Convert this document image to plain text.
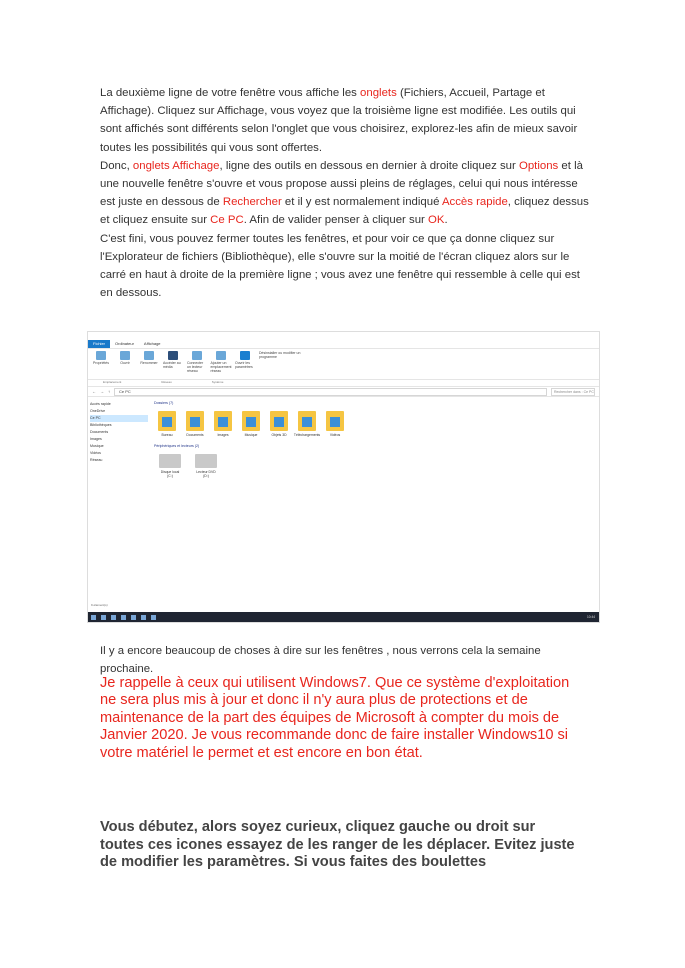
La deuxième ligne de votre fenêtre vous affiche les onglets (Fichiers, Accueil, Partage et Affichage). Cliquez sur Affichage, vous voyez que la troisième ligne est modifiée. Les outils qui sont affichés sont différents selon l'onglet que vous choisirez, explorez-les afin de mieux savoir toutes les possibilités qui vous sont offertes.
Donc, onglets Affichage, ligne des outils en dessous en dernier à droite cliquez sur Options et là une nouvelle fenêtre s'ouvre et vous propose aussi pleins de réglages, celui qui nous intéresse est juste en dessous de Rechercher et il y est normalement indiqué Accès rapide, cliquez dessus et cliquez ensuite sur Ce PC. Afin de valider penser à cliquer sur OK.
C'est fini, vous pouvez fermer toutes les fenêtres, et pour voir ce que ça donne cliquez sur l'Explorateur de fichiers (Bibliothèque), elle s'ouvre sur la moitié de l'écran cliquez alors sur le carré en haut à droite de la première ligne ; vous avez une fenêtre qui ressemble à celle qui est en dessous.
Fichier	Ordinateur	Affichage
Propriétés	Ouvrir	Renommer Accéder au média
Connecter un lecteur réseau
Ajouter un emplacement réseau
Ouvrir les paramètres
Désinstaller ou modifier un programme
Emplacement	Réseau	Système
← → ↑	Ce PC	Rechercher dans : Ce PC
Accès rapide
OneDrive
Ce PC
Bibliothèques
Documents
Images
Musique
Vidéos
Réseau
Dossiers (7)
Bureau	Documents	Images	Musique	Objets 3D Téléchargements	Vidéos
Périphériques et lecteurs (2)
Disque local (C:)
Lecteur DVD (D:)
9 élément(s)
10:44
Il y a encore beaucoup de choses à dire sur les fenêtres , nous verrons cela la semaine prochaine.
Je rappelle à ceux qui utilisent Windows7. Que ce système d'exploitation ne sera plus mis à jour et donc il n'y aura plus de protections et de maintenance de la part des équipes de Microsoft à compter du mois de Janvier 2020. Je vous recommande donc de faire installer Windows10 si votre matériel le permet et est encore en bon état.
Vous débutez, alors soyez curieux, cliquez gauche ou droit sur toutes ces icones essayez de les ranger de les déplacer. Evitez juste de modifier les paramètres. Si vous faites des boulettes
